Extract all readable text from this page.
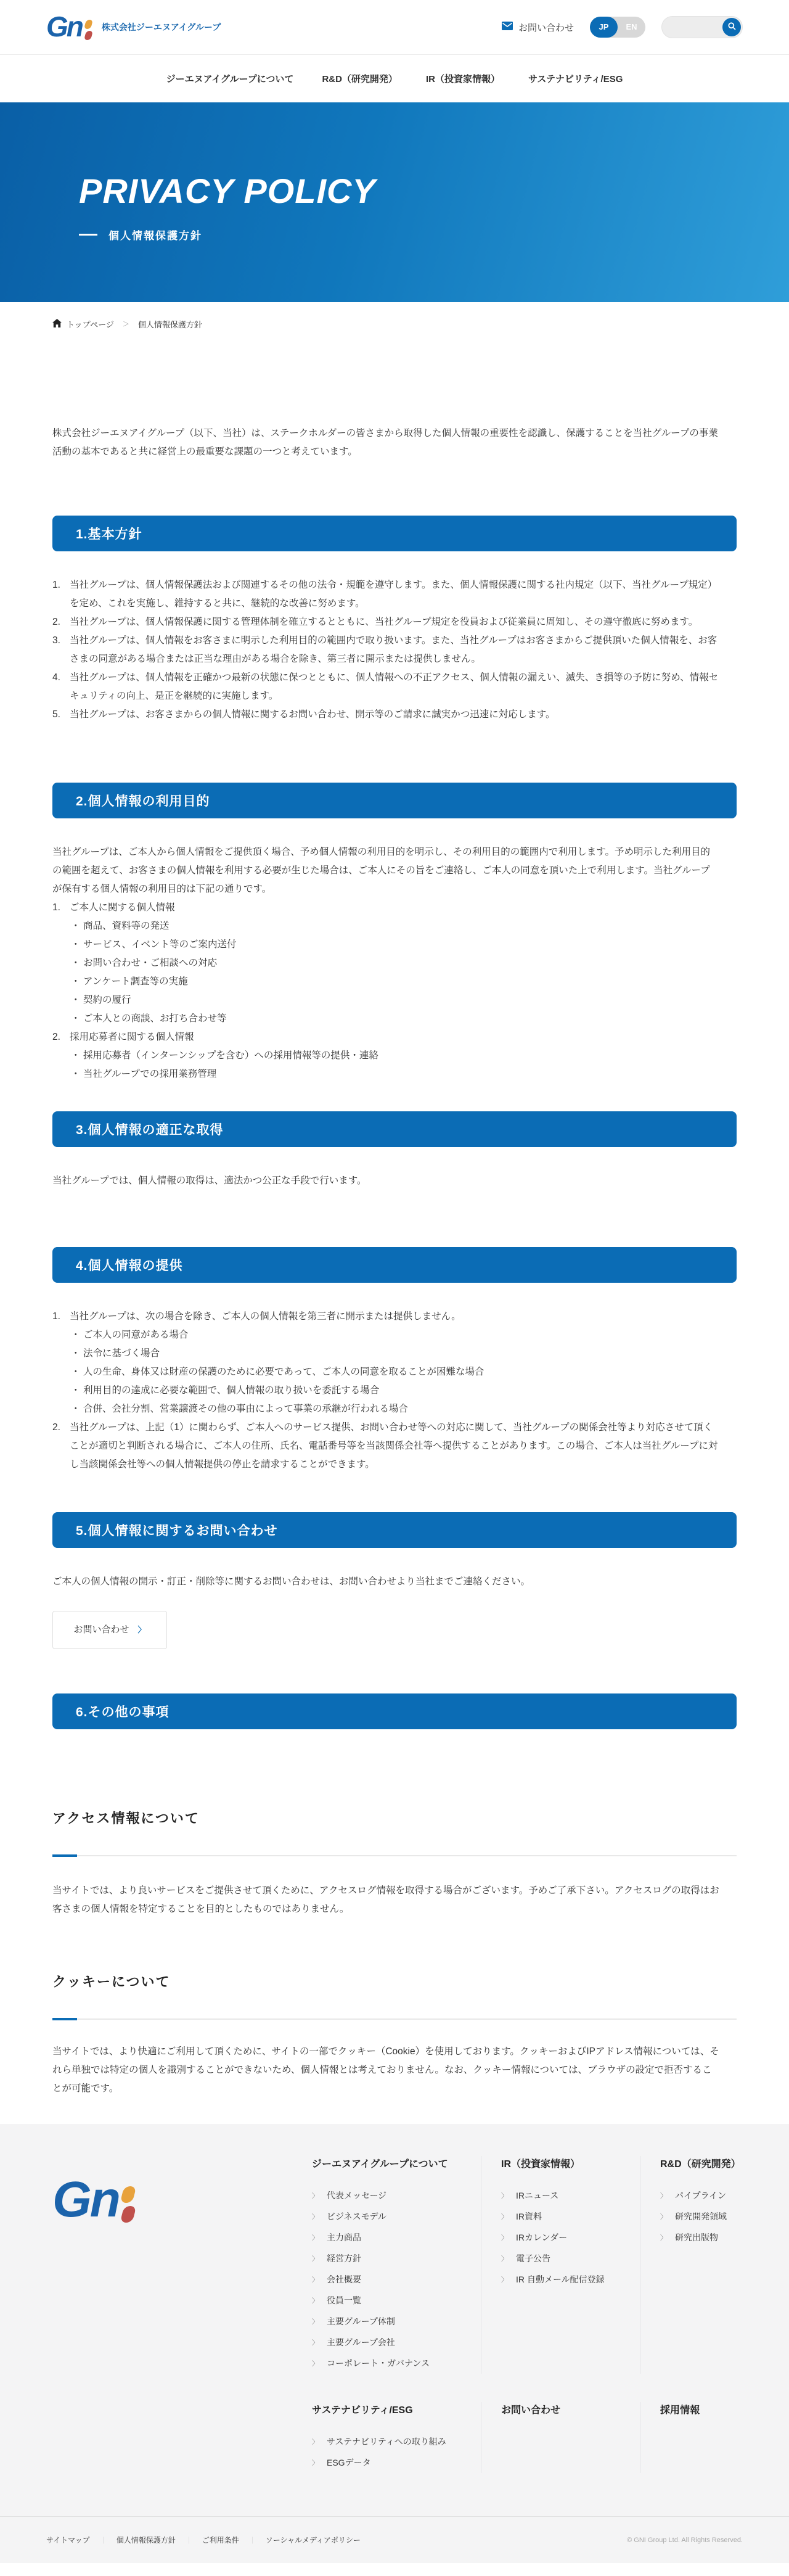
Gn 株式会社ジーエヌアイグループ	お問い合わせ	JP	EN
ジーエヌアイグループについて	R&D（研究開発）	IR（投資家情報）	サステナビリティ/ESG
PRIVACY POLICY
個人情報保護方針
トップページ ＞ 個人情報保護方針

株式会社ジーエヌアイグループ（以下、当社）は、ステークホルダーの皆さまから取得した個人情報の重要性を認識し、保護することを当社グループの事業活動の基本であると共に経営上の最重要な課題の一つと考えています。

1.基本方針
1. 当社グループは、個人情報保護法および関連するその他の法令・規範を遵守します。また、個人情報保護に関する社内規定（以下、当社グループ規定）を定め、これを実施し、維持すると共に、継続的な改善に努めます。
2. 当社グループは、個人情報保護に関する管理体制を確立するとともに、当社グループ規定を役員および従業員に周知し、その遵守徹底に努めます。
3. 当社グループは、個人情報をお客さまに明示した利用目的の範囲内で取り扱います。また、当社グループはお客さまからご提供頂いた個人情報を、お客さまの同意がある場合または正当な理由がある場合を除き、第三者に開示または提供しません。
4. 当社グループは、個人情報を正確かつ最新の状態に保つとともに、個人情報への不正アクセス、個人情報の漏えい、滅失、き損等の予防に努め、情報セキュリティの向上、是正を継続的に実施します。
5. 当社グループは、お客さまからの個人情報に関するお問い合わせ、開示等のご請求に誠実かつ迅速に対応します。
2.個人情報の利用目的

当社グループは、ご本人から個人情報をご提供頂く場合、予め個人情報の利用目的を明示し、その利用目的の範囲内で利用します。予め明示した利用目的の範囲を超えて、お客さまの個人情報を利用する必要が生じた場合は、ご本人にその旨をご連絡し、ご本人の同意を頂いた上で利用します。当社グループが保有する個人情報の利用目的は下記の通りです。

1. ご本人に関する個人情報
・ 商品、資料等の発送
・ サービス、イベント等のご案内送付
・ お問い合わせ・ご相談への対応
・ アンケート調査等の実施
・ 契約の履行
・ ご本人との商談、お打ち合わせ等
2. 採用応募者に関する個人情報
・ 採用応募者（インターンシップを含む）への採用情報等の提供・連絡
・ 当社グループでの採用業務管理
3.個人情報の適正な取得

当社グループでは、個人情報の取得は、適法かつ公正な手段で行います。

4.個人情報の提供
1. 当社グループは、次の場合を除き、ご本人の個人情報を第三者に開示または提供しません。
・ ご本人の同意がある場合
・ 法令に基づく場合
・ 人の生命、身体又は財産の保護のために必要であって、ご本人の同意を取ることが困難な場合
・ 利用目的の達成に必要な範囲で、個人情報の取り扱いを委託する場合
・ 合併、会社分割、営業譲渡その他の事由によって事業の承継が行われる場合
2. 当社グループは、上記（1）に関わらず、ご本人へのサービス提供、お問い合わせ等への対応に関して、当社グループの関係会社等より対応させて頂くことが適切と判断される場合に、ご本人の住所、氏名、電話番号等を当該関係会社等へ提供することがあります。この場合、ご本人は当社グループに対し当該関係会社等への個人情報提供の停止を請求することができます。
5.個人情報に関するお問い合わせ

ご本人の個人情報の開示・訂正・削除等に関するお問い合わせは、お問い合わせより当社までご連絡ください。

お問い合わせ 〉
6.その他の事項
アクセス情報について

当サイトでは、より良いサービスをご提供させて頂くために、アクセスログ情報を取得する場合がございます。予めご了承下さい。アクセスログの取得はお客さまの個人情報を特定することを目的としたものではありません。

クッキーについて

当サイトでは、より快適にご利用して頂くために、サイトの一部でクッキー（Cookie）を使用しております。クッキーおよびIPアドレス情報については、それら単独では特定の個人を識別することができないため、個人情報とは考えておりません。なお、クッキー情報については、ブラウザの設定で拒否することが可能です。

Gn
ジーエヌアイグループについて
〉 代表メッセージ
〉 ビジネスモデル
〉 主力商品
〉 経営方針
〉 会社概要
〉 役員一覧
〉 主要グループ体制
〉 主要グループ会社
〉 コーポレート・ガバナンス
IR（投資家情報）
〉 IRニュース
〉 IR資料
〉 IRカレンダー
〉 電子公告
〉 IR 自動メール配信登録
R&D（研究開発）
〉 パイプライン
〉 研究開発領域
〉 研究出版物
サステナビリティ/ESG
〉 サステナビリティへの取り組み
〉 ESGデータ
お問い合わせ	採用情報
サイトマップ ｜ 個人情報保護方針 ｜ ご利用条件 ｜ ソーシャルメディアポリシー	© GNI Group Ltd. All Rights Reserved.
